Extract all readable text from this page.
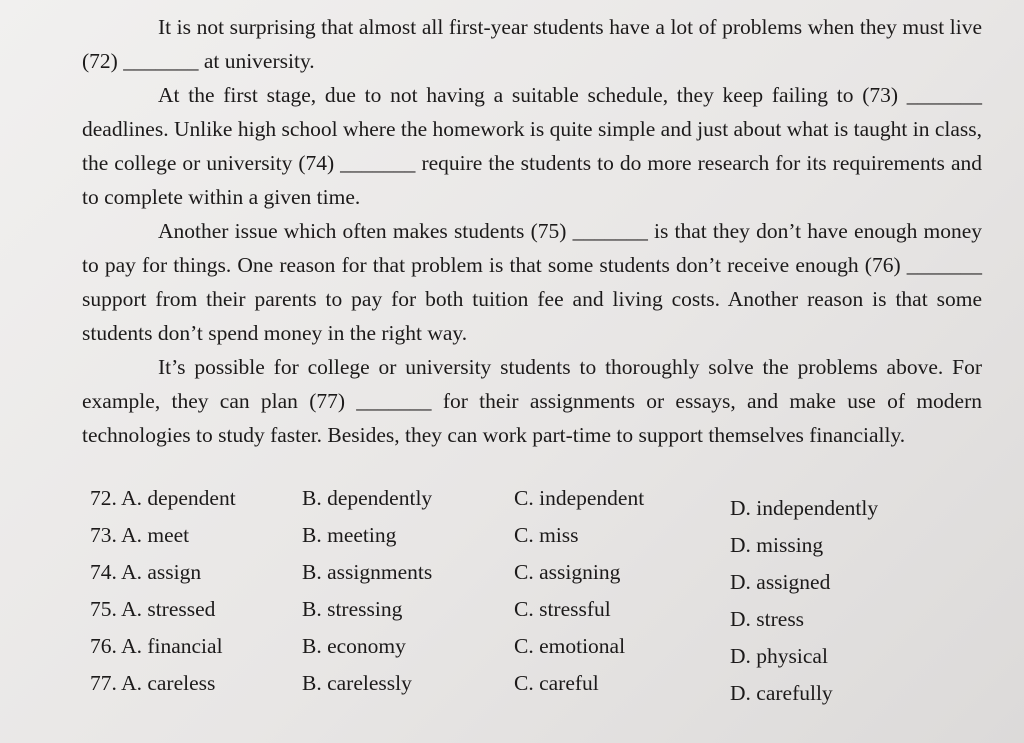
It is not surprising that almost all first-year students have a lot of problems when they must live (72) _______ at university.

At the first stage, due to not having a suitable schedule, they keep failing to (73) _______ deadlines. Unlike high school where the homework is quite simple and just about what is taught in class, the college or university (74) _______ require the students to do more research for its requirements and to complete within a given time.

Another issue which often makes students (75) _______ is that they don’t have enough money to pay for things. One reason for that problem is that some students don’t receive enough (76) _______ support from their parents to pay for both tuition fee and living costs. Another reason is that some students don’t spend money in the right way.

It’s possible for college or university students to thoroughly solve the problems above. For example, they can plan (77) _______ for their assignments or essays, and make use of modern technologies to study faster. Besides, they can work part-time to support themselves financially.

72. A. dependent	B. dependently	C. independent	D. independently
73. A. meet	B. meeting	C. miss	D. missing
74. A. assign	B. assignments	C. assigning	D. assigned
75. A. stressed	B. stressing	C. stressful	D. stress
76. A. financial	B. economy	C. emotional	D. physical
77. A. careless	B. carelessly	C. careful	D. carefully
